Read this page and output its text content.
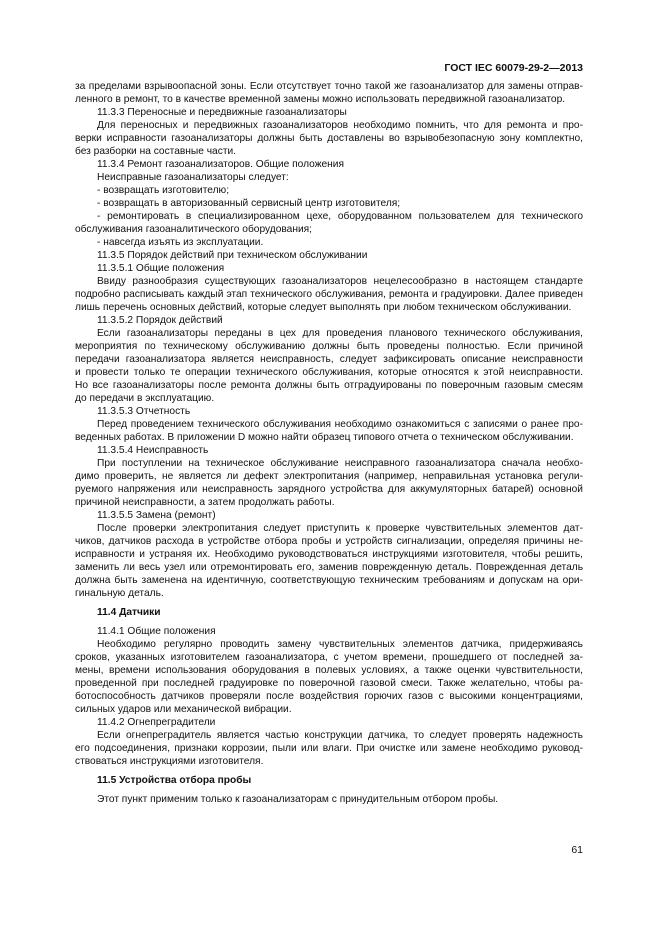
ГОСТ IEC 60079-29-2—2013
за пределами взрывоопасной зоны. Если отсутствует точно такой же газоанализатор для замены отправ-
ленного в ремонт, то в качестве временной замены можно использовать передвижной газоанализатор.
11.3.3 Переносные и передвижные газоанализаторы
Для переносных и передвижных газоанализаторов необходимо помнить, что для ремонта и про-
верки исправности газоанализаторы должны быть доставлены во взрывобезопасную зону комплектно,
без разборки на составные части.
11.3.4 Ремонт газоанализаторов. Общие положения
Неисправные газоанализаторы следует:
- возвращать изготовителю;
- возвращать в авторизованный сервисный центр изготовителя;
- ремонтировать в специализированном цехе, оборудованном пользователем для технического
обслуживания газоаналитического оборудования;
- навсегда изъять из эксплуатации.
11.3.5 Порядок действий при техническом обслуживании
11.3.5.1 Общие положения
Ввиду разнообразия существующих газоанализаторов нецелесообразно в настоящем стандарте
подробно расписывать каждый этап технического обслуживания, ремонта и градуировки. Далее приведен
лишь перечень основных действий, которые следует выполнять при любом техническом обслуживании.
11.3.5.2 Порядок действий
Если газоанализаторы переданы в цех для проведения планового технического обслуживания,
мероприятия по техническому обслуживанию должны быть проведены полностью. Если причиной
передачи газоанализатора является неисправность, следует зафиксировать описание неисправности
и провести только те операции технического обслуживания, которые относятся к этой неисправности.
Но все газоанализаторы после ремонта должны быть отградуированы по поверочным газовым смесям
до передачи в эксплуатацию.
11.3.5.3 Отчетность
Перед проведением технического обслуживания необходимо ознакомиться с записями о ранее про-
веденных работах. В приложении D можно найти образец типового отчета о техническом обслуживании.
11.3.5.4 Неисправность
При поступлении на техническое обслуживание неисправного газоанализатора сначала необхо-
димо проверить, не является ли дефект электропитания (например, неправильная установка регули-
руемого напряжения или неисправность зарядного устройства для аккумуляторных батарей) основной
причиной неисправности, а затем продолжать работы.
11.3.5.5 Замена (ремонт)
После проверки электропитания следует приступить к проверке чувствительных элементов дат-
чиков, датчиков расхода в устройстве отбора пробы и устройств сигнализации, определяя причины не-
исправности и устраняя их. Необходимо руководствоваться инструкциями изготовителя, чтобы решить,
заменить ли весь узел или отремонтировать его, заменив поврежденную деталь. Поврежденная деталь
должна быть заменена на идентичную, соответствующую техническим требованиям и допускам на ори-
гинальную деталь.
11.4 Датчики
11.4.1 Общие положения
Необходимо регулярно проводить замену чувствительных элементов датчика, придерживаясь
сроков, указанных изготовителем газоанализатора, с учетом времени, прошедшего от последней за-
мены, времени использования оборудования в полевых условиях, а также оценки чувствительности,
проведенной при последней градуировке по поверочной газовой смеси. Также желательно, чтобы ра-
ботоспособность датчиков проверяли после воздействия горючих газов с высокими концентрациями,
сильных ударов или механической вибрации.
11.4.2 Огнепреградители
Если огнепреградитель является частью конструкции датчика, то следует проверять надежность
его подсоединения, признаки коррозии, пыли или влаги. При очистке или замене необходимо руковод-
ствоваться инструкциями изготовителя.
11.5 Устройства отбора пробы
Этот пункт применим только к газоанализаторам с принудительным отбором пробы.
61
